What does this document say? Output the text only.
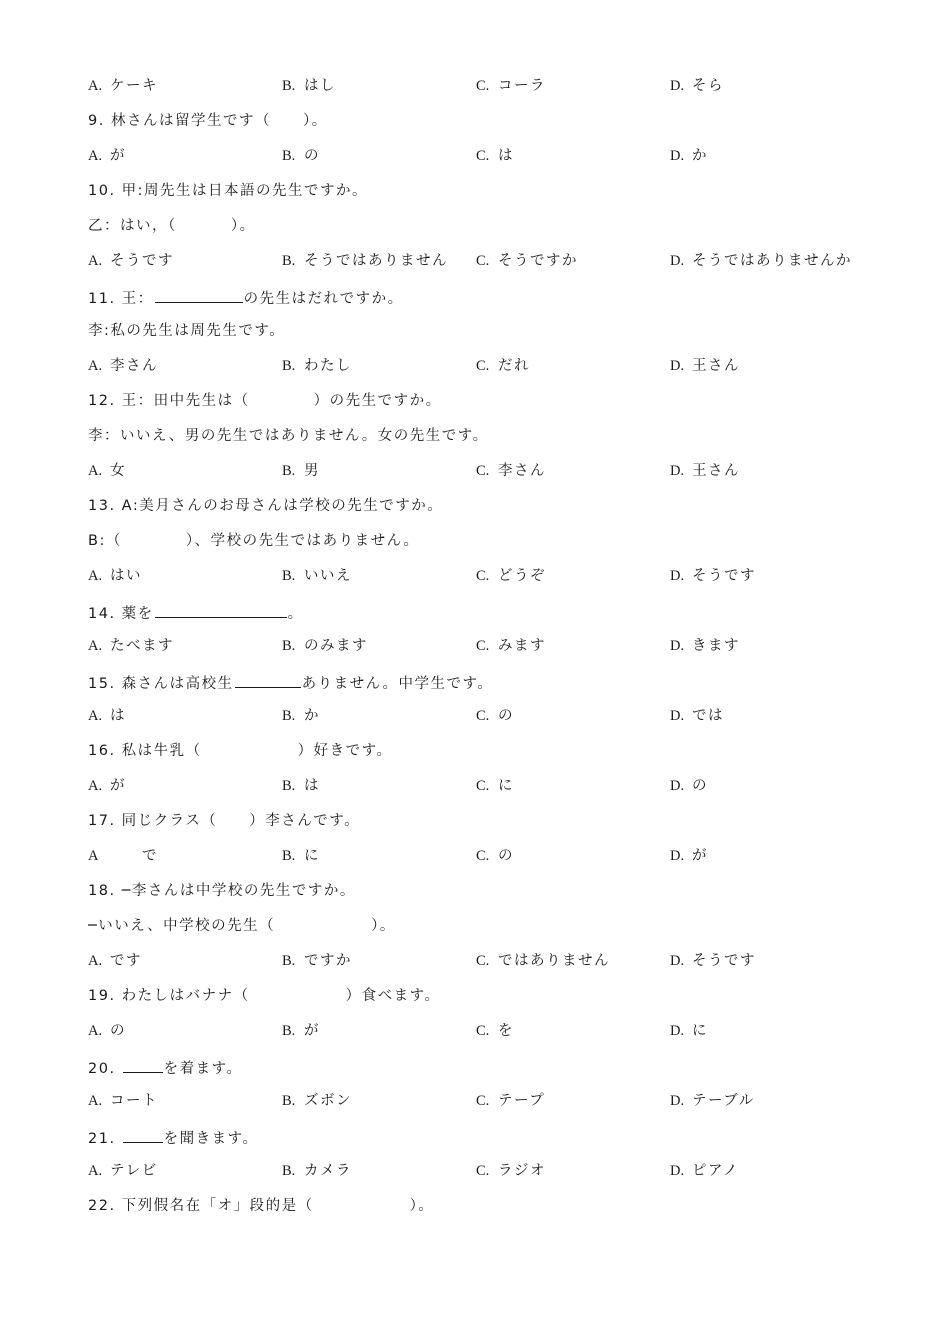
A. ケーキ	B. はし	C. コーラ	D. そら
9. 林さんは留学生です（　　）。
A. が	B. の	C. は	D. か
10. 甲:周先生は日本語の先生ですか。
乙：はい，（　　　 ）。
A. そうです	B. そうではありません C. そうですか	D. そうではありませんか
11. 王：	の先生はだれですか。
李:私の先生は周先生です。
A. 李さん	B. わたし	C. だれ	D. 王さん
12. 王：田中先生は（　　　　）の先生ですか。
李：いいえ、男の先生ではありません。女の先生です。
A. 女	B. 男	C. 李さん	D. 王さん
13. A:美月さんのお母さんは学校の先生ですか。
B:（　　　　）、学校の先生ではありません。
A. はい	B. いいえ	C. どうぞ	D. そうです
14. 薬を	。
A. たべます	B. のみます	C. みます	D. きます
15. 森さんは高校生	ありません。中学生です。
A. は	B. か	C. の	D. では
16. 私は牛乳（　　　　　　）好きです。
A. が	B. は	C. に	D. の
17. 同じクラス（　　）李さんです。
A	で	B. に	C. の	D. が
18. ─李さんは中学校の先生ですか。
─いいえ、中学校の先生（　　　　　　）。
A. です	B. ですか	C. ではありません	D. そうです
19. わたしはバナナ（　　　　　　）食べます。
A. の	B. が	C. を	D. に
20.	を着ます。
A. コート	B. ズボン	C. テープ	D. テーブル
21.	を聞きます。
A. テレビ	B. カメラ	C. ラジオ	D. ピアノ
22. 下列假名在「オ」段的是（　　　　　　）。
